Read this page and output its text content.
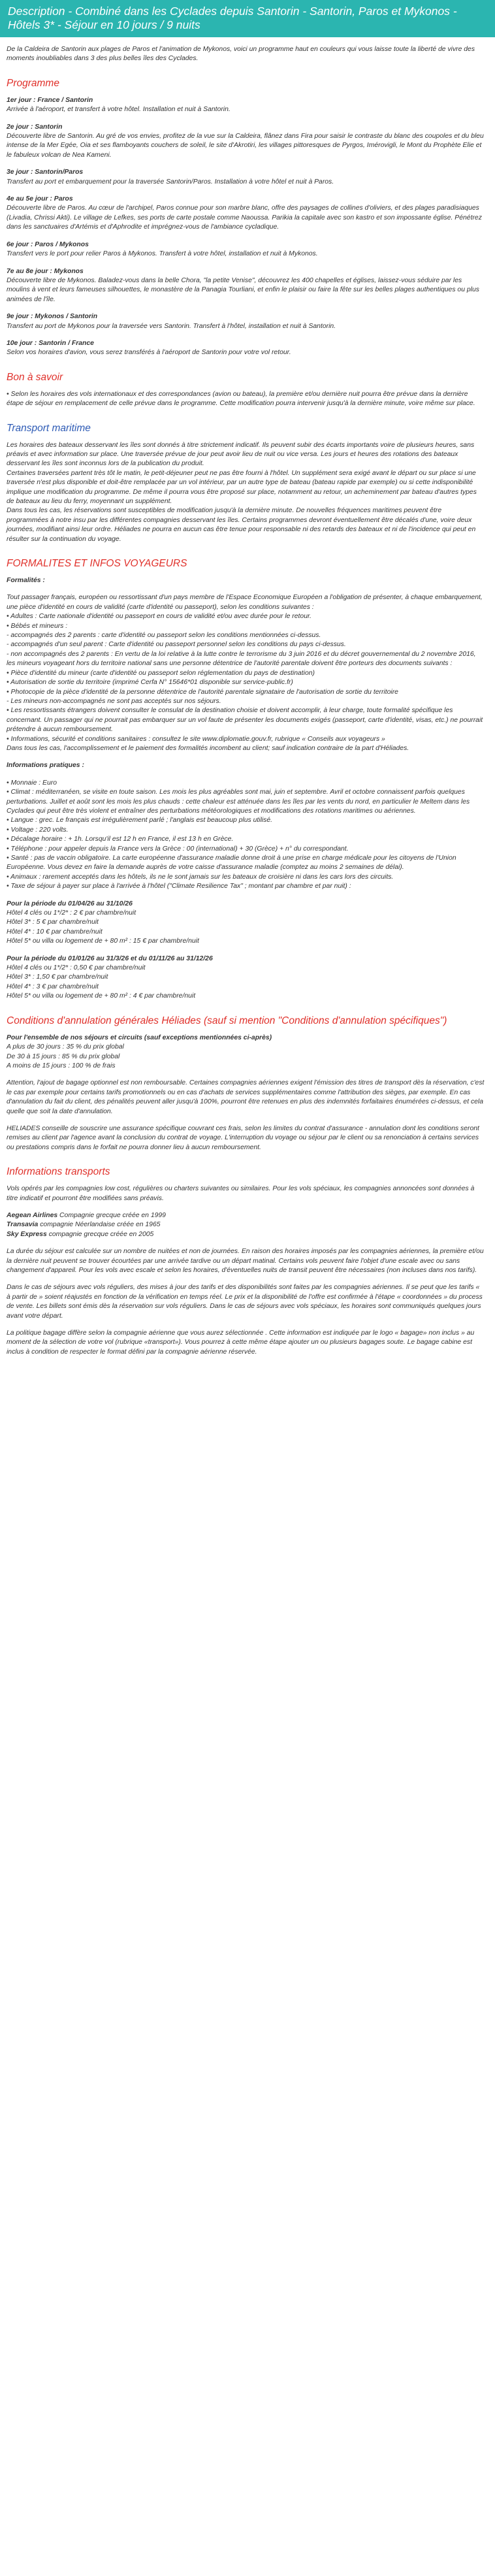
Description - Combiné dans les Cyclades depuis Santorin - Santorin, Paros et Mykonos - Hôtels 3* - Séjour en 10 jours / 9 nuits

De la Caldeira de Santorin aux plages de Paros et l'animation de Mykonos, voici un programme haut en couleurs qui vous laisse toute la liberté de vivre des moments inoubliables dans 3 des plus belles îles des Cyclades.

Programme
1er jour : France / Santorin
Arrivée à l'aéroport, et transfert à votre hôtel. Installation et nuit à Santorin.
2e jour : Santorin
Découverte libre de Santorin. Au gré de vos envies, profitez de la vue sur la Caldeira, flânez dans Fira pour saisir le contraste du blanc des coupoles et du bleu intense de la Mer Egée, Oia et ses flamboyants couchers de soleil, le site d'Akrotiri, les villages pittoresques de Pyrgos, Imérovigli, le Mont du Prophète Elie et le fabuleux volcan de Nea Kameni.
3e jour : Santorin/Paros
Transfert au port et embarquement pour la traversée Santorin/Paros. Installation à votre hôtel et nuit à Paros.
4e au 5e jour : Paros
Découverte libre de Paros. Au cœur de l'archipel, Paros connue pour son marbre blanc, offre des paysages de collines d'oliviers, et des plages paradisiaques (Livadia, Chrissi Akti). Le village de Lefkes, ses ports de carte postale comme Naoussa. Parikia la capitale avec son kastro et son impossante église. Pénétrez dans les sanctuaires d'Artémis et d'Aphrodite et imprégnez-vous de l'ambiance cycladique.
6e jour : Paros / Mykonos
Transfert vers le port pour relier Paros à Mykonos. Transfert à votre hôtel, installation et nuit à Mykonos.
7e au 8e jour : Mykonos
Découverte libre de Mykonos. Baladez-vous dans la belle Chora, "la petite Venise", découvrez les 400 chapelles et églises, laissez-vous séduire par les moulins à vent et leurs fameuses silhouettes, le monastère de la Panagia Tourliani, et enfin le plaisir ou faire la fête sur les belles plages authentiques ou plus animées de l'île.
9e jour : Mykonos / Santorin
Transfert au port de Mykonos pour la traversée vers Santorin. Transfert à l'hôtel, installation et nuit à Santorin.
10e jour : Santorin / France
Selon vos horaires d'avion, vous serez transférés à l'aéroport de Santorin pour votre vol retour.
Bon à savoir

• Selon les horaires des vols internationaux et des correspondances (avion ou bateau), la première et/ou dernière nuit pourra être prévue dans la dernière étape de séjour en remplacement de celle prévue dans le programme. Cette modification pourra intervenir jusqu'à la dernière minute, voire même sur place.

Transport maritime
Les horaires des bateaux desservant les îles sont donnés à titre strictement indicatif. Ils peuvent subir des écarts importants voire de plusieurs heures, sans préavis et avec information sur place. Une traversée prévue de jour peut avoir lieu de nuit ou vice versa. Les jours et heures des rotations des bateaux desservant les îles sont inconnus lors de la publication du produit.
Certaines traversées partent très tôt le matin, le petit-déjeuner peut ne pas être fourni à l'hôtel. Un supplément sera exigé avant le départ ou sur place si une traversée n'est plus disponible et doit-être remplacée par un vol intérieur, par un autre type de bateau (bateau rapide par exemple) ou si cette indisponibilité implique une modification du programme. De même il pourra vous être proposé sur place, notamment au retour, un acheminement par bateau d'autres types de bateaux au lieu du ferry, moyennant un supplément.
Dans tous les cas, les réservations sont susceptibles de modification jusqu'à la dernière minute. De nouvelles fréquences maritimes peuvent être programmées à notre insu par les différentes compagnies desservant les îles. Certains programmes devront éventuellement être décalés d'une, voire deux journées, modifiant ainsi leur ordre. Héliades ne pourra en aucun cas être tenue pour responsable ni des retards des bateaux et ni de l'incidence qui peut en résulter sur la continuation du voyage.
FORMALITES ET INFOS VOYAGEURS

Formalités :

Tout passager français, européen ou ressortissant d'un pays membre de l'Espace Economique Européen a l'obligation de présenter, à chaque embarquement, une pièce d'identité en cours de validité (carte d'identité ou passeport), selon les conditions suivantes :
• Adultes : Carte nationale d'identité ou passeport en cours de validité et/ou avec durée pour le retour.
• Bébés et mineurs :
- accompagnés des 2 parents : carte d'identité ou passeport selon les conditions mentionnées ci-dessus.
- accompagnés d'un seul parent : Carte d'identité ou passeport personnel selon les conditions du pays ci-dessus.
- non accompagnés des 2 parents : En vertu de la loi relative à la lutte contre le terrorisme du 3 juin 2016 et du décret gouvernemental du 2 novembre 2016, les mineurs voyageant hors du territoire national sans une personne détentrice de l'autorité parentale doivent être porteurs des documents suivants :
• Pièce d'identité du mineur (carte d'identité ou passeport selon réglementation du pays de destination)
• Autorisation de sortie du territoire (imprimé Cerfa N° 15646*01 disponible sur service-public.fr)
• Photocopie de la pièce d'identité de la personne détentrice de l'autorité parentale signataire de l'autorisation de sortie du territoire
- Les mineurs non-accompagnés ne sont pas acceptés sur nos séjours.
• Les ressortissants étrangers doivent consulter le consulat de la destination choisie et doivent accomplir, à leur charge, toute formalité spécifique les concernant. Un passager qui ne pourrait pas embarquer sur un vol faute de présenter les documents exigés (passeport, carte d'identité, visas, etc.) ne pourrait prétendre à aucun remboursement.
• Informations, sécurité et conditions sanitaires : consultez le site www.diplomatie.gouv.fr, rubrique « Conseils aux voyageurs »
Dans tous les cas, l'accomplissement et le paiement des formalités incombent au client; sauf indication contraire de la part d'Héliades.

Informations pratiques :

• Monnaie : Euro
• Climat : méditerranéen, se visite en toute saison. Les mois les plus agréables sont mai, juin et septembre. Avril et octobre connaissent parfois quelques perturbations. Juillet et août sont les mois les plus chauds : cette chaleur est atténuée dans les îles par les vents du nord, en particulier le Meltem dans les Cyclades qui peut être très violent et entraîner des perturbations météorologiques et modifications des rotations maritimes ou aériennes.
• Langue : grec. Le français est irrégulièrement parlé ; l'anglais est beaucoup plus utilisé.
• Voltage : 220 volts.
• Décalage horaire : + 1h. Lorsqu'il est 12 h en France, il est 13 h en Grèce.
• Téléphone : pour appeler depuis la France vers la Grèce : 00 (international) + 30 (Grèce) + n° du correspondant.
• Santé : pas de vaccin obligatoire. La carte européenne d'assurance maladie donne droit à une prise en charge médicale pour les citoyens de l'Union Européenne. Vous devez en faire la demande auprès de votre caisse d'assurance maladie (comptez au moins 2 semaines de délai).
• Animaux : rarement acceptés dans les hôtels, ils ne le sont jamais sur les bateaux de croisière ni dans les cars lors des circuits.
• Taxe de séjour à payer sur place à l'arrivée à l'hôtel ("Climate Resilience Tax" ; montant par chambre et par nuit) :
Pour la période du 01/04/26 au 31/10/26
Hôtel 4 clés ou 1*/2* : 2 € par chambre/nuit
Hôtel 3* : 5 € par chambre/nuit
Hôtel 4* : 10 € par chambre/nuit
Hôtel 5* ou villa ou logement de + 80 m² : 15 € par chambre/nuit
Pour la période du 01/01/26 au 31/3/26 et du 01/11/26 au 31/12/26
Hôtel 4 clés ou 1*/2* : 0,50 € par chambre/nuit
Hôtel 3* : 1,50 € par chambre/nuit
Hôtel 4* : 3 € par chambre/nuit
Hôtel 5* ou villa ou logement de + 80 m² : 4 € par chambre/nuit
Conditions d'annulation générales Héliades (sauf si mention "Conditions d'annulation spécifiques")
Pour l'ensemble de nos séjours et circuits (sauf exceptions mentionnées ci-après)
A plus de 30 jours : 35 % du prix global
De 30 à 15 jours : 85 % du prix global
A moins de 15 jours : 100 % de frais

Attention, l'ajout de bagage optionnel est non remboursable. Certaines compagnies aériennes exigent l'émission des titres de transport dès la réservation, c'est le cas par exemple pour certains tarifs promotionnels ou en cas d'achats de services supplémentaires comme l'attribution des sièges, par exemple. En cas d'annulation du fait du client, des pénalités peuvent aller jusqu'à 100%, pourront être retenues en plus des indemnités forfaitaires énumérées ci-dessus, et cela quelle que soit la date d'annulation.

HELIADES conseille de souscrire une assurance spécifique couvrant ces frais, selon les limites du contrat d'assurance - annulation dont les conditions seront remises au client par l'agence avant la conclusion du contrat de voyage. L'interruption du voyage ou séjour par le client ou sa renonciation à certains services ou prestations compris dans le forfait ne pourra donner lieu à aucun remboursement.

Informations transports

Vols opérés par les compagnies low cost, régulières ou charters suivantes ou similaires. Pour les vols spéciaux, les compagnies annoncées sont données à titre indicatif et pourront être modifiées sans préavis.

Aegean Airlines Compagnie grecque créée en 1999
Transavia compagnie Néerlandaise créée en 1965
Sky Express compagnie grecque créée en 2005

La durée du séjour est calculée sur un nombre de nuitées et non de journées. En raison des horaires imposés par les compagnies aériennes, la première et/ou la dernière nuit peuvent se trouver écourtées par une arrivée tardive ou un départ matinal. Certains vols peuvent faire l'objet d'une escale avec ou sans changement d'appareil. Pour les vols avec escale et selon les horaires, d'éventuelles nuits de transit peuvent être nécessaires (non incluses dans nos tarifs).

Dans le cas de séjours avec vols réguliers, des mises à jour des tarifs et des disponibilités sont faites par les compagnies aériennes. Il se peut que les tarifs « à partir de » soient réajustés en fonction de la vérification en temps réel. Le prix et la disponibilité de l'offre est confirmée à l'étape « coordonnées » du process de vente. Les billets sont émis dès la réservation sur vols réguliers. Dans le cas de séjours avec vols spéciaux, les horaires sont communiqués quelques jours avant votre départ.

La politique bagage diffère selon la compagnie aérienne que vous aurez sélectionnée . Cette information est indiquée par le logo « bagage» non inclus » au moment de la sélection de votre vol (rubrique «transport»). Vous pourrez à cette même étape ajouter un ou plusieurs bagages soute. Le bagage cabine est inclus à condition de respecter le format défini par la compagnie aérienne réservée.
